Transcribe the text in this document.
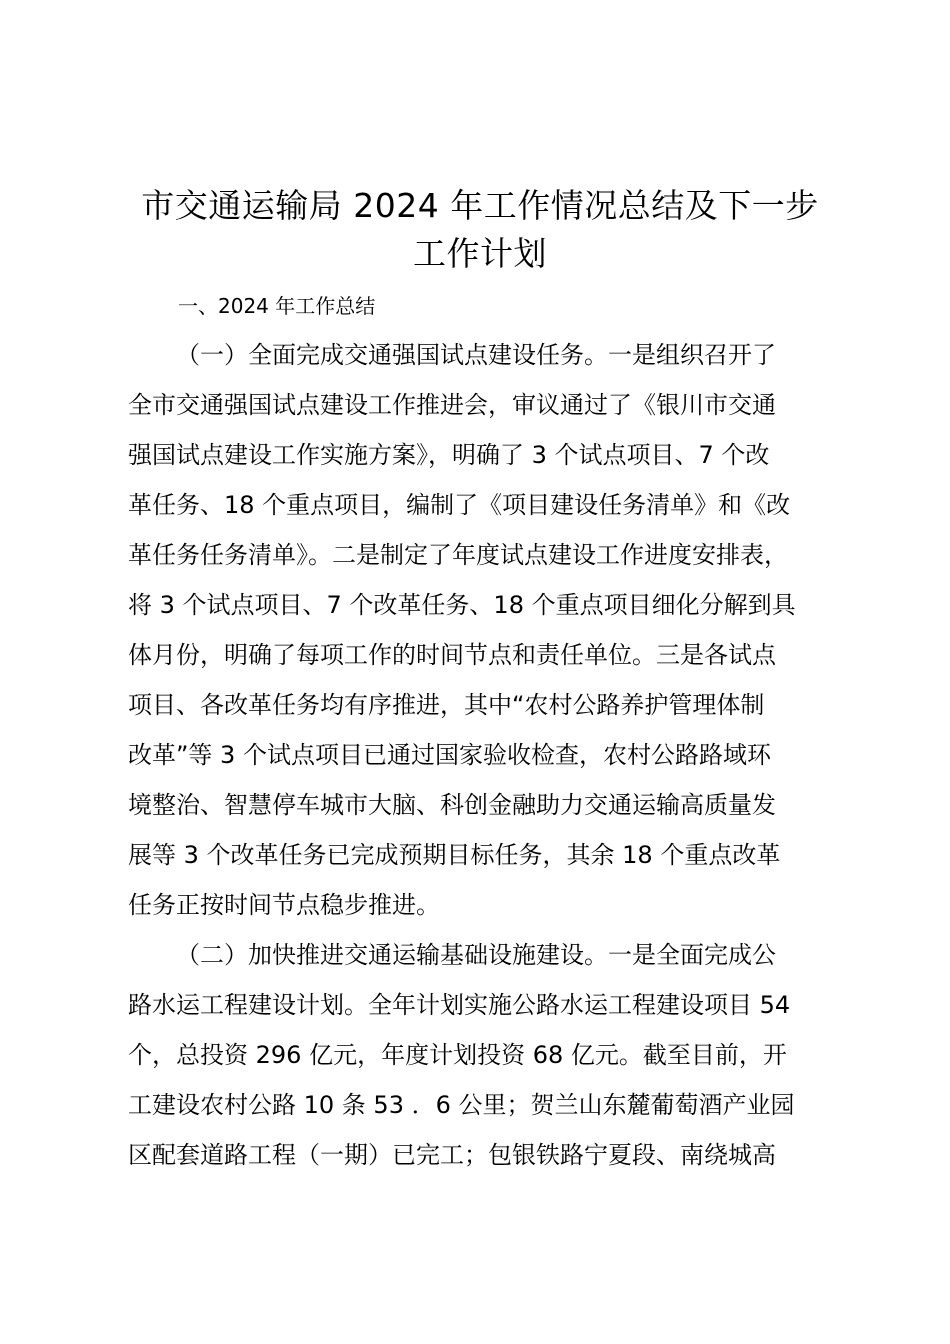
市交通运输局 2024 年工作情况总结及下一步
工作计划
一、2024 年工作总结
（一）全面完成交通强国试点建设任务。一是组织召开了
全市交通强国试点建设工作推进会，审议通过了《银川市交通
强国试点建设工作实施方案》，明确了 3 个试点项目、7 个改
革任务、18 个重点项目，编制了《项目建设任务清单》和《改
革任务任务清单》。二是制定了年度试点建设工作进度安排表，
将 3 个试点项目、7 个改革任务、18 个重点项目细化分解到具
体月份，明确了每项工作的时间节点和责任单位。三是各试点
项目、各改革任务均有序推进，其中“农村公路养护管理体制
改革”等 3 个试点项目已通过国家验收检查，农村公路路域环
境整治、智慧停车城市大脑、科创金融助力交通运输高质量发
展等 3 个改革任务已完成预期目标任务，其余 18 个重点改革
任务正按时间节点稳步推进。
（二）加快推进交通运输基础设施建设。一是全面完成公
路水运工程建设计划。全年计划实施公路水运工程建设项目 54
个，总投资 296 亿元，年度计划投资 68 亿元。截至目前，开
工建设农村公路 10 条 53 ．6 公里；贺兰山东麓葡萄酒产业园
区配套道路工程（一期）已完工；包银铁路宁夏段、南绕城高
